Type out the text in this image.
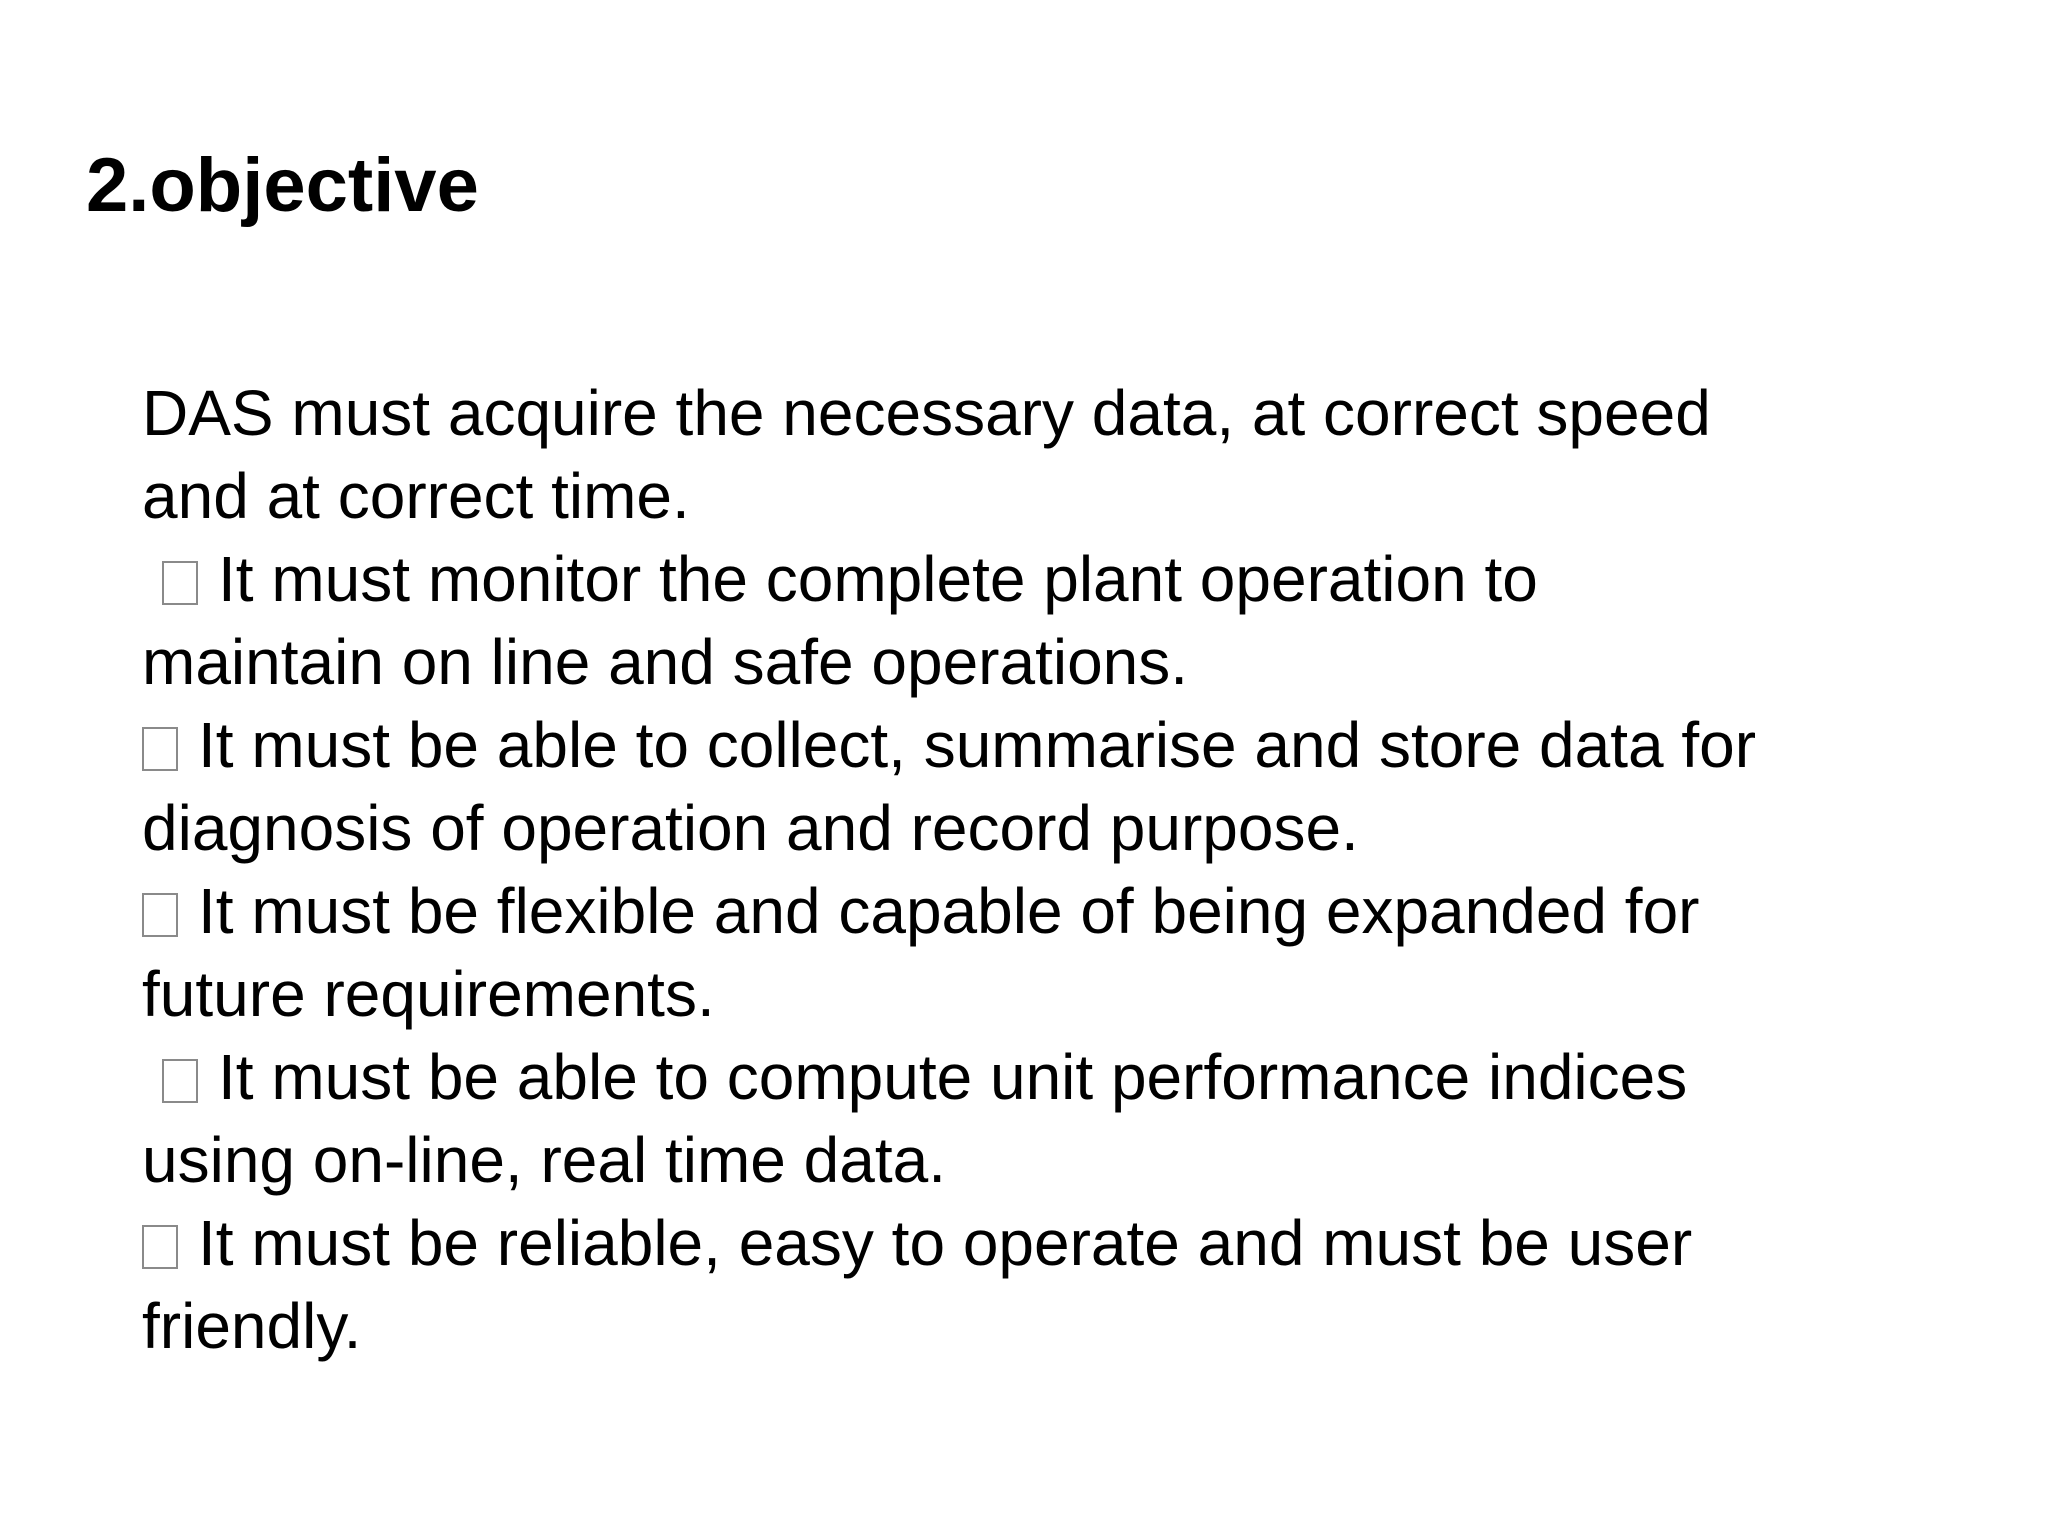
2.objective
DAS must acquire the necessary data, at correct speed
and at correct time.
It must monitor the complete plant operation to
maintain on line and safe operations.
It must be able to collect, summarise and store data for
diagnosis of operation and record purpose.
It must be flexible and capable of being expanded for
future requirements.
It must be able to compute unit performance indices
using on-line, real time data.
It must be reliable, easy to operate and must be user
friendly.
